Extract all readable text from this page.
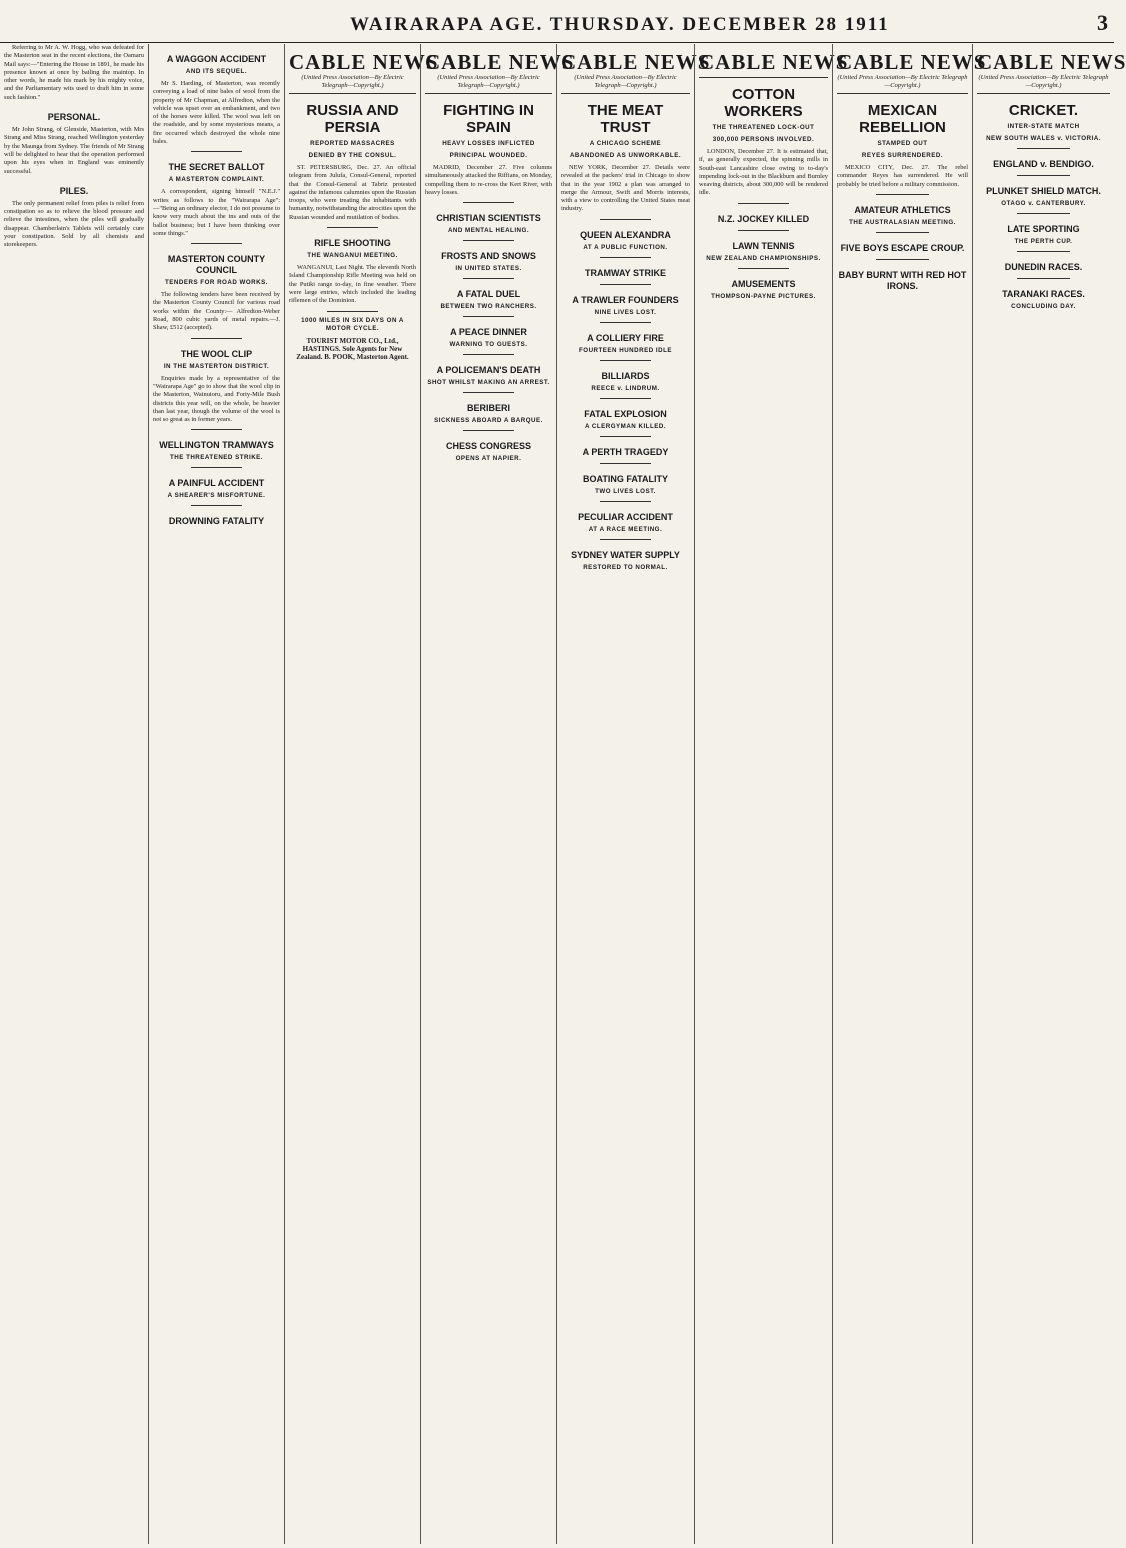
WAIRARAPA AGE. THURSDAY. DECEMBER 28 1911	3

Referring to Mr A. W. Hogg, who was defeated for the Masterton seat in the recent elections, the Oamaru Mail says:—"Entering the House in 1891, he made his presence known at once by bailing the maintop. In other words, he made his mark by his mighty voice, and the Parliamentary wits used to draft him in some such fashion."

PERSONAL.

Mr John Strang, of Glenside, Masterton, with Mrs Strang and Miss Strang, reached Wellington yesterday by the Maunga from Sydney. The friends of Mr Strang will be delighted to hear that the operation performed upon his eyes when in England was eminently successful.

PILES.

The only permanent relief from piles is relief from constipation so as to relieve the blood pressure and relieve the intestines, when the piles will gradually disappear. Chamberlain's Tablets will certainly cure your constipation. Sold by all chemists and storekeepers.

A WAGGON ACCIDENT
AND ITS SEQUEL.

Mr S. Harding, of Masterton, was recently conveying a load of nine bales of wool from the property of Mr Chapman, at Alfredton, when the vehicle was upset over an embankment, and two of the horses were killed. The wool was left on the roadside, and by some mysterious means, a fire occurred which destroyed the whole nine bales.

THE SECRET BALLOT
A MASTERTON COMPLAINT.

A correspondent, signing himself "N.E.J." writes as follows to the "Wairarapa Age":—"Being an ordinary elector, I do not presume to know very much about the ins and outs of the ballot business; but I have been thinking over some things."

MASTERTON COUNTY COUNCIL
TENDERS FOR ROAD WORKS.

The following tenders have been received by the Masterton County Council for various road works within the County:— Alfredton-Weber Road, 800 cubic yards of metal repairs.—J. Shaw, £512 (accepted).

THE WOOL CLIP
IN THE MASTERTON DISTRICT.

Enquiries made by a representative of the "Wairarapa Age" go to show that the wool clip in the Masterton, Wainuioru, and Forty-Mile Bush districts this year will, on the whole, be heavier than last year, though the volume of the wool is not so great as in former years.

WELLINGTON TRAMWAYS
THE THREATENED STRIKE.
A PAINFUL ACCIDENT
A SHEARER'S MISFORTUNE.
DROWNING FATALITY
CABLE NEWS
(United Press Association—By Electric Telegraph—Copyright.)
RUSSIA AND PERSIA
REPORTED MASSACRES
DENIED BY THE CONSUL.

ST. PETERSBURG, Dec. 27. An official telegram from Julufa, Consul-General, reported that the Consul-General at Tabriz protested against the infamous calumnies upon the Russian troops, who were treating the inhabitants with humanity, notwithstanding the atrocities upon the Russian wounded and mutilation of bodies.

RIFLE SHOOTING
THE WANGANUI MEETING.

WANGANUI, Last Night. The eleventh North Island Championship Rifle Meeting was held on the Putiki range to-day, in fine weather. There were large entries, which included the leading riflemen of the Dominion.

1000 MILES IN SIX DAYS ON A MOTOR CYCLE.
TOURIST MOTOR CO., Ltd., HASTINGS. Sole Agents for New Zealand. B. POOK, Masterton Agent.
CABLE NEWS
(United Press Association—By Electric Telegraph—Copyright.)
FIGHTING IN SPAIN
HEAVY LOSSES INFLICTED
PRINCIPAL WOUNDED.

MADRID, December 27. Five columns simultaneously attacked the Riffians, on Monday, compelling them to re-cross the Kert River, with heavy losses.

CHRISTIAN SCIENTISTS
AND MENTAL HEALING.
FROSTS AND SNOWS
IN UNITED STATES.
A FATAL DUEL
BETWEEN TWO RANCHERS.
A PEACE DINNER
WARNING TO GUESTS.
A POLICEMAN'S DEATH
SHOT WHILST MAKING AN ARREST.
BERIBERI
SICKNESS ABOARD A BARQUE.
CHESS CONGRESS
OPENS AT NAPIER.
CABLE NEWS
(United Press Association—By Electric Telegraph—Copyright.)
THE MEAT TRUST
A CHICAGO SCHEME
ABANDONED AS UNWORKABLE.

NEW YORK, December 27. Details were revealed at the packers' trial in Chicago to show that in the year 1902 a plan was arranged to merge the Armour, Swift and Morris interests, with a view to controlling the United States meat industry.

QUEEN ALEXANDRA
AT A PUBLIC FUNCTION.
TRAMWAY STRIKE
A TRAWLER FOUNDERS
NINE LIVES LOST.
A COLLIERY FIRE
FOURTEEN HUNDRED IDLE
BILLIARDS
REECE v. LINDRUM.
FATAL EXPLOSION
A CLERGYMAN KILLED.
A PERTH TRAGEDY
BOATING FATALITY
TWO LIVES LOST.
PECULIAR ACCIDENT
AT A RACE MEETING.
SYDNEY WATER SUPPLY
RESTORED TO NORMAL.
CABLE NEWS
COTTON WORKERS
THE THREATENED LOCK-OUT
300,000 PERSONS INVOLVED.

LONDON, December 27. It is estimated that, if, as generally expected, the spinning mills in South-east Lancashire close owing to to-day's impending lock-out in the Blackburn and Burnley weaving districts, about 300,000 will be rendered idle.

N.Z. JOCKEY KILLED
LAWN TENNIS
NEW ZEALAND CHAMPIONSHIPS.
AMUSEMENTS
THOMPSON-PAYNE PICTURES.
CABLE NEWS
(United Press Association—By Electric Telegraph—Copyright.)
MEXICAN REBELLION
STAMPED OUT
REYES SURRENDERED.

MEXICO CITY, Dec. 27. The rebel commander Reyes has surrendered. He will probably be tried before a military commission.

AMATEUR ATHLETICS
THE AUSTRALASIAN MEETING.
FIVE BOYS ESCAPE CROUP.
BABY BURNT WITH RED HOT IRONS.
CABLE NEWS
(United Press Association—By Electric Telegraph—Copyright.)
CRICKET.
INTER-STATE MATCH
NEW SOUTH WALES v. VICTORIA.
ENGLAND v. BENDIGO.
PLUNKET SHIELD MATCH.
OTAGO v. CANTERBURY.
LATE SPORTING
THE PERTH CUP.
DUNEDIN RACES.
TARANAKI RACES.
CONCLUDING DAY.
